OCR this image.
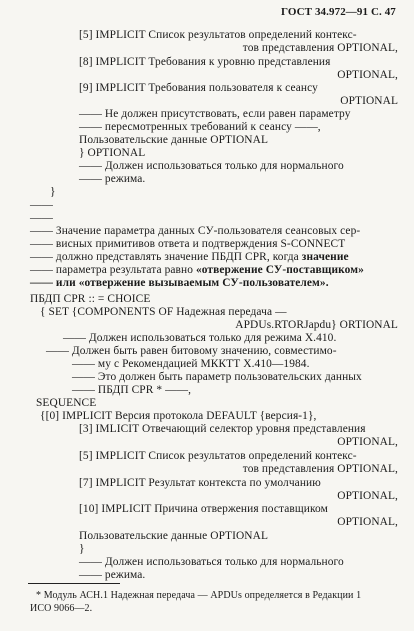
ГОСТ 34.972—91 С. 47
[5] IMPLICIT Список результатов определений контекс-
тов представления OPTIONAL,
[8] IMPLICIT Требования к уровню представления
OPTIONAL,
[9] IMPLICIT Требования пользователя к сеансу
OPTIONAL
—— Не должен присутствовать, если равен параметру
—— пересмотренных требований к сеансу ——,
Пользовательские данные OPTIONAL
} OPTIONAL
—— Должен использоваться только для нормального
—— режима.
}
——
——
—— Значение параметра данных СУ-пользователя сеансовых сер-
—— висных примитивов ответа и подтверждения S-CONNECT
—— должно представлять значение ПБДП CPR, когда значение
—— параметра результата равно «отвержение СУ-поставщиком»
—— или «отвержение вызываемым СУ-пользователем».
ПБДП CPR :: = CHOICE
{ SET {COMPONENTS OF Надежная передача —
APDUs.RTORJapdu} ORTIONAL
—— Должен использоваться только для режима X.410.
—— Должен быть равен битовому значению, совместимо-
—— му с Рекомендацией МККТТ X.410—1984.
—— Это должен быть параметр пользовательских данных
—— ПБДП CPR * ——,
SEQUENCE
{[0] IMPLICIT Версия протокола DEFAULT {версия-1},
[3] IMLICIT Отвечающий селектор уровня представления
OPTIONAL,
[5] IMPLICIT Список результатов определений контекс-
тов представления OPTIONAL,
[7] IMPLICIT Результат контекста по умолчанию
OPTIONAL,
[10] IMPLICIT Причина отвержения поставщиком
OPTIONAL,
Пользовательские данные OPTIONAL
}
—— Должен использоваться только для нормального
—— режима.
* Модуль АСН.1 Надежная передача — APDUs определяется в Редакции 1
ИСО 9066—2.
